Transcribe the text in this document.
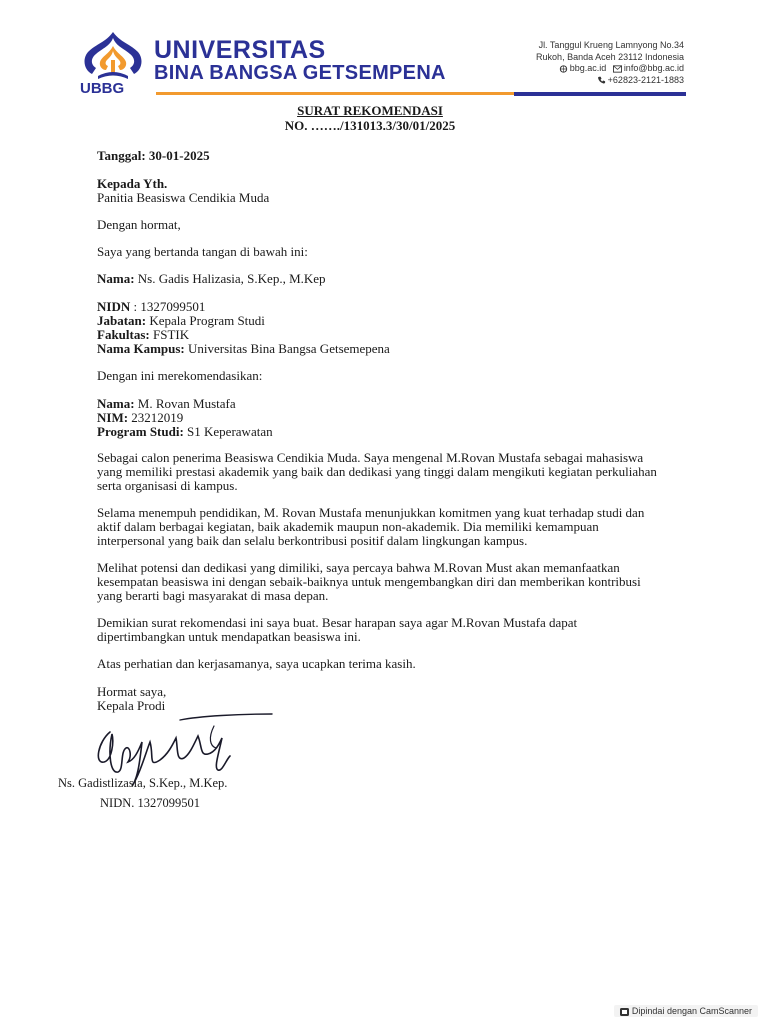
UBBG
UNIVERSITAS
BINA BANGSA GETSEMPENA
Jl. Tanggul Krueng Lamnyong No.34
Rukoh, Banda Aceh 23112 Indonesia
bbg.ac.id info@bbg.ac.id
+62823-2121-1883
SURAT REKOMENDASI
NO. ……./131013.3/30/01/2025
Tanggal: 30-01-2025

Kepada Yth.

Panitia Beasiswa Cendikia Muda

Dengan hormat,
Saya yang bertanda tangan di bawah ini:
Nama: Ns. Gadis Halizasia, S.Kep., M.Kep

NIDN : 1327099501

Jabatan: Kepala Program Studi

Fakultas: FSTIK

Nama Kampus: Universitas Bina Bangsa Getsemepena

Dengan ini merekomendasikan:

Nama: M. Rovan Mustafa

NIM: 23212019

Program Studi: S1 Keperawatan

Sebagai calon penerima Beasiswa Cendikia Muda. Saya mengenal M.Rovan Mustafa sebagai mahasiswa yang memiliki prestasi akademik yang baik dan dedikasi yang tinggi dalam mengikuti kegiatan perkuliahan serta organisasi di kampus.
Selama menempuh pendidikan, M. Rovan Mustafa menunjukkan komitmen yang kuat terhadap studi dan aktif dalam berbagai kegiatan, baik akademik maupun non-akademik. Dia memiliki kemampuan interpersonal yang baik dan selalu berkontribusi positif dalam lingkungan kampus.
Melihat potensi dan dedikasi yang dimiliki, saya percaya bahwa M.Rovan Must akan memanfaatkan kesempatan beasiswa ini dengan sebaik-baiknya untuk mengembangkan diri dan memberikan kontribusi yang berarti bagi masyarakat di masa depan.
Demikian surat rekomendasi ini saya buat. Besar harapan saya agar M.Rovan Mustafa dapat dipertimbangkan untuk mendapatkan beasiswa ini.
Atas perhatian dan kerjasamanya, saya ucapkan terima kasih.

Hormat saya,

Kepala Prodi

Ns. Gadistlizasia, S.Kep., M.Kep.
NIDN. 1327099501
Dipindai dengan CamScanner
